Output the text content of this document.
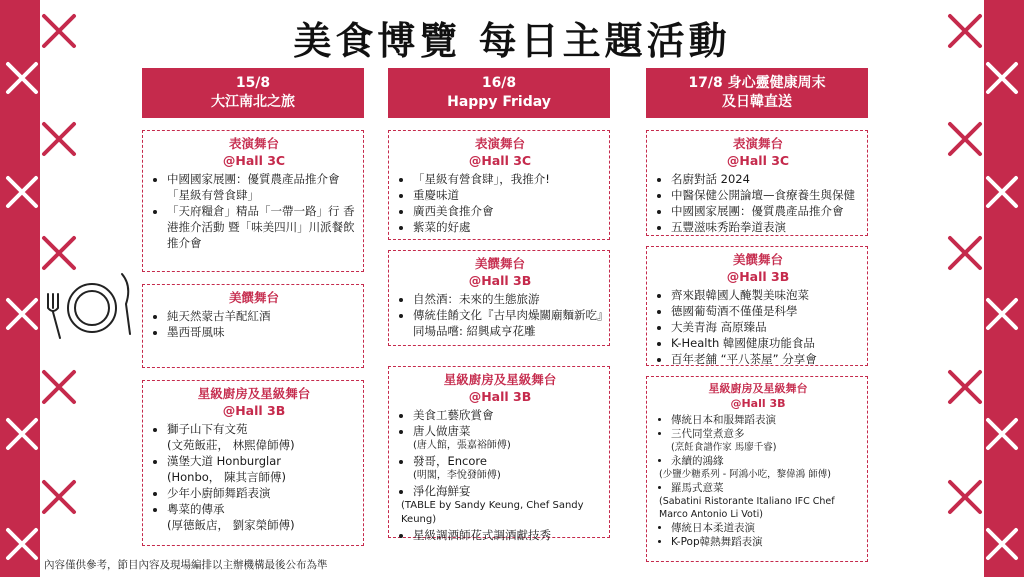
美食博覽 每日主題活動
15/8
大江南北之旅
表演舞台
@Hall 3C
• 中國國家展團：優質農產品推介會
「星級有營食肆」
• 「天府糧倉」精品「一帶一路」行 香港推介活動 暨「味美四川」川派餐飲推介會
美饌舞台
• 純天然蒙古羊配紅酒
• 墨西哥風味
星級廚房及星級舞台
@Hall 3B
• 獅子山下有文苑
(文苑飯莊， 林熙偉師傅)
• 漢堡大道 Honburglar
(Honbo， 陳其言師傅)
• 少年小廚師舞蹈表演
• 粵菜的傳承
(厚德飯店， 劉家榮師傅)
16/8
Happy Friday
表演舞台
@Hall 3C
• 「星級有營食肆」，我推介!
• 重慶味道
• 廣西美食推介會
• 紫菜的好處
美饌舞台
@Hall 3B
• 自然酒：未來的生態旅游
• 傳統佳餚文化『古早肉燥關廟麵新吃』同場品嚐: 紹興咸亨花雕
星級廚房及星級舞台
@Hall 3B
• 美食工藝欣賞會
• 唐人做唐菜
(唐人館，張嘉裕師傅)
• 發哥，Encore
(明閣，李悅發師傅)
• 淨化海鮮宴
(TABLE by Sandy Keung, Chef Sandy Keung)
• 星級調酒師花式調酒獻技秀
17/8 身心靈健康周末
及日韓直送
表演舞台
@Hall 3C
• 名廚對話 2024
• 中醫保健公開論壇—食療養生與保健
• 中國國家展團：優質農產品推介會
• 五豐滋味秀跆拳道表演
美饌舞台
@Hall 3B
• 齊來跟韓國人醃製美味泡菜
• 德國葡萄酒不僅僅是科學
• 大美青海 高原臻品
• K-Health 韓國健康功能食品
• 百年老舖 “平八茶屋” 分享會
星級廚房及星級舞台
@Hall 3B
• 傳統日本和服舞蹈表演
• 三代同堂煮意多
(烹飪食譜作家 馬廖千睿)
• 永續的鴻緣
(少鹽少糖系列 - 阿鴻小吃，黎偉鴻 師傅)
• 羅馬式意菜
(Sabatini Ristorante Italiano IFC Chef Marco Antonio Li Voti)
• 傳統日本柔道表演
• K-Pop韓熱舞蹈表演
內容僅供參考，節目內容及現場編排以主辦機構最後公布為準
